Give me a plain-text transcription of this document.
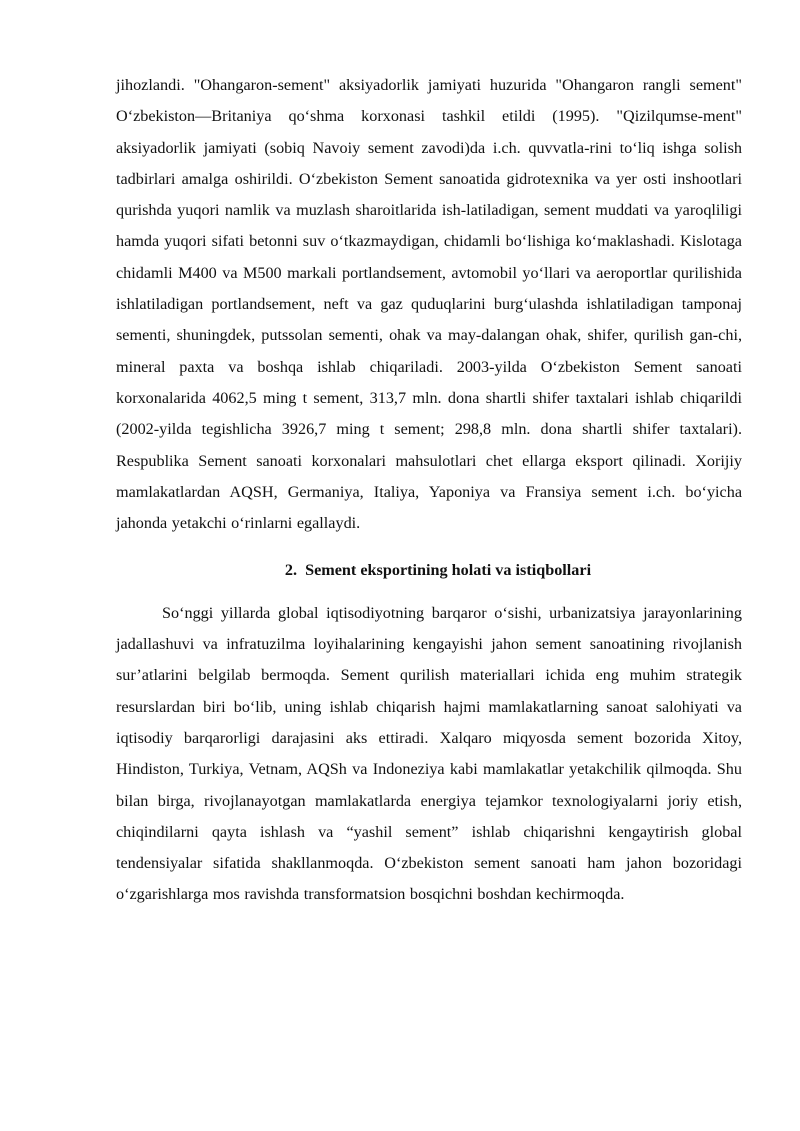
jihozlandi. "Ohangaron-sement" aksiyadorlik jamiyati huzurida "Ohangaron rangli sement" O‘zbekiston—Britaniya qo‘shma korxonasi tashkil etildi (1995). "Qizilqumse-ment" aksiyadorlik jamiyati (sobiq Navoiy sement zavodi)da i.ch. quvvatla-rini to‘liq ishga solish tadbirlari amalga oshirildi. O‘zbekiston Sement sanoatida gidrotexnika va yer osti inshootlari qurishda yuqori namlik va muzlash sharoitlarida ish-latiladigan, sement muddati va yaroqliligi hamda yuqori sifati betonni suv o‘tkazmaydigan, chidamli bo‘lishiga ko‘maklashadi. Kislotaga chidamli M400 va M500 markali portlandsement, avtomobil yo‘llari va aeroportlar qurilishida ishlatiladigan portlandsement, neft va gaz quduqlarini burg‘ulashda ishlatiladigan tamponaj sementi, shuningdek, putssolan sementi, ohak va may-dalangan ohak, shifer, qurilish gan-chi, mineral paxta va boshqa ishlab chiqariladi. 2003-yilda O‘zbekiston Sement sanoati korxonalarida 4062,5 ming t sement, 313,7 mln. dona shartli shifer taxtalari ishlab chiqarildi (2002-yilda tegishlicha 3926,7 ming t sement; 298,8 mln. dona shartli shifer taxtalari). Respublika Sement sanoati korxonalari mahsulotlari chet ellarga eksport qilinadi. Xorijiy mamlakatlardan AQSH, Germaniya, Italiya, Yaponiya va Fransiya sement i.ch. bo‘yicha jahonda yetakchi o‘rinlarni egallaydi.

2. Sement eksportining holati va istiqbollari

So‘nggi yillarda global iqtisodiyotning barqaror o‘sishi, urbanizatsiya jarayonlarining jadallashuvi va infratuzilma loyihalarining kengayishi jahon sement sanoatining rivojlanish sur’atlarini belgilab bermoqda. Sement qurilish materiallari ichida eng muhim strategik resurslardan biri bo‘lib, uning ishlab chiqarish hajmi mamlakatlarning sanoat salohiyati va iqtisodiy barqarorligi darajasini aks ettiradi. Xalqaro miqyosda sement bozorida Xitoy, Hindiston, Turkiya, Vetnam, AQSh va Indoneziya kabi mamlakatlar yetakchilik qilmoqda. Shu bilan birga, rivojlanayotgan mamlakatlarda energiya tejamkor texnologiyalarni joriy etish, chiqindilarni qayta ishlash va “yashil sement” ishlab chiqarishni kengaytirish global tendensiyalar sifatida shakllanmoqda. O‘zbekiston sement sanoati ham jahon bozoridagi o‘zgarishlarga mos ravishda transformatsion bosqichni boshdan kechirmoqda.
